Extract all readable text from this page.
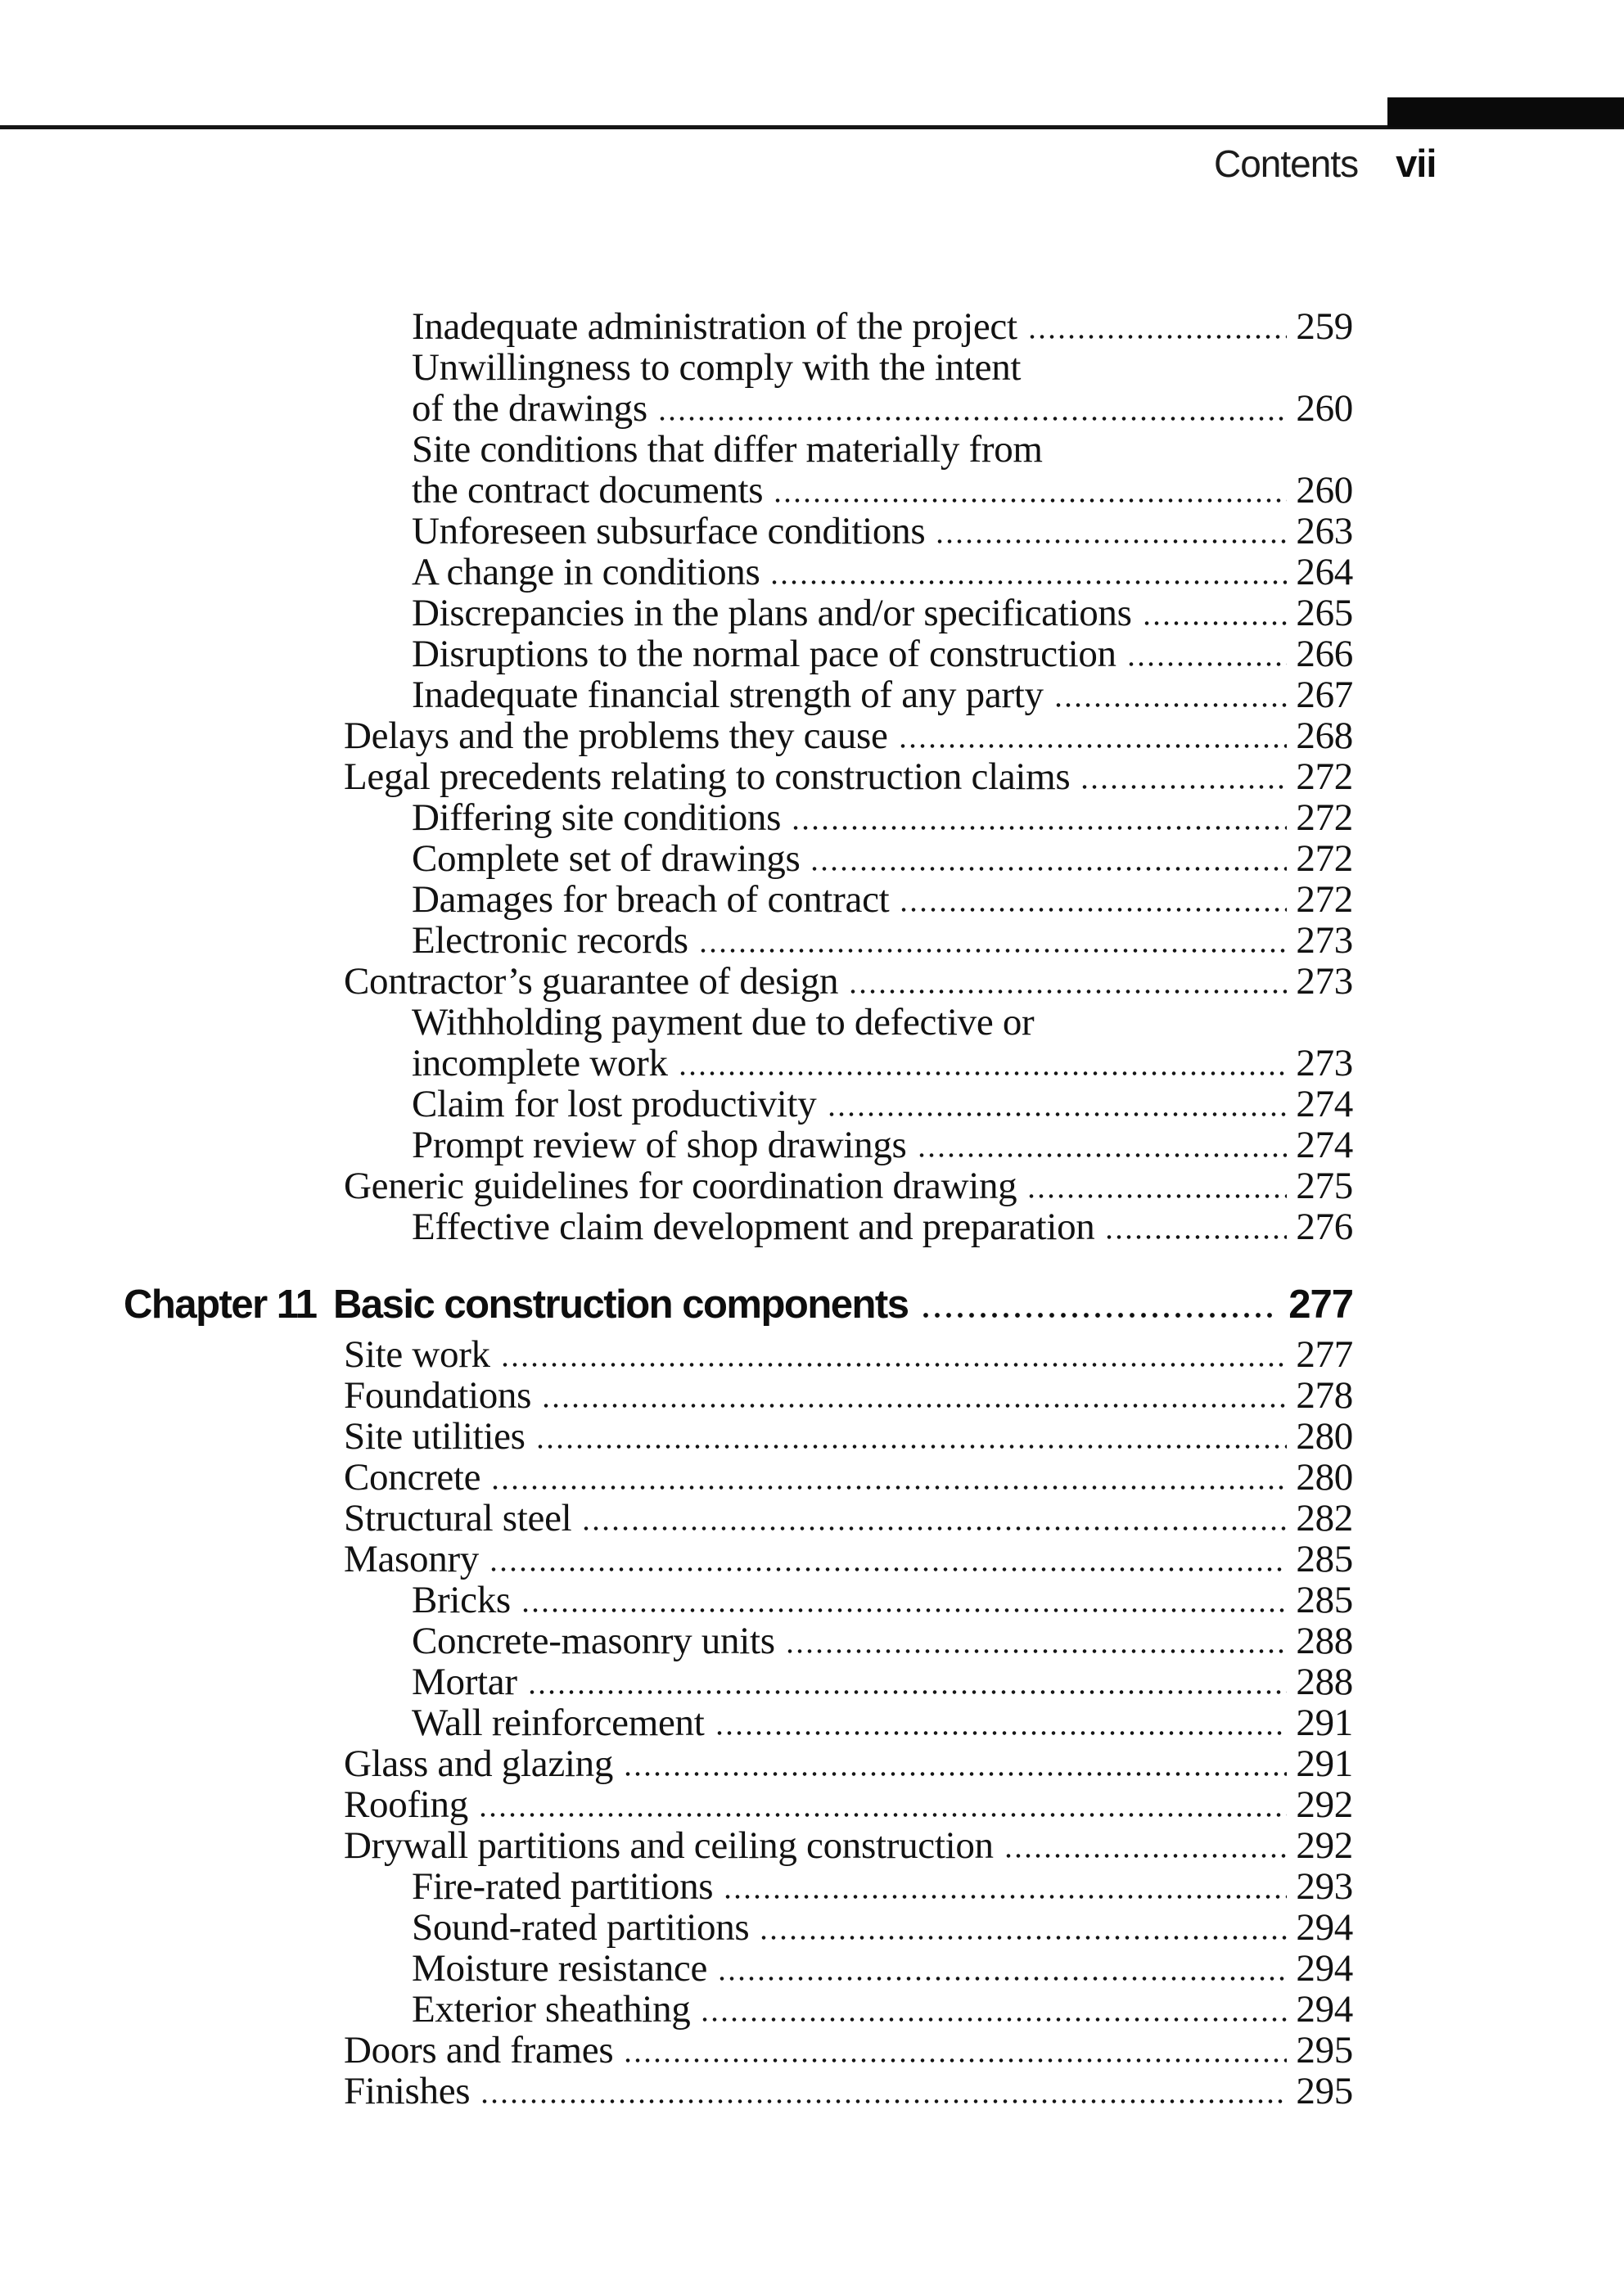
Contents vii
Inadequate administration of the project	259
Unwillingness to comply with the intent
of the drawings	260
Site conditions that differ materially from
the contract documents	260
Unforeseen subsurface conditions	263
A change in conditions	264
Discrepancies in the plans and/or specifications	265
Disruptions to the normal pace of construction	266
Inadequate financial strength of any party	267
Delays and the problems they cause	268
Legal precedents relating to construction claims	272
Differing site conditions	272
Complete set of drawings	272
Damages for breach of contract	272
Electronic records	273
Contractor’s guarantee of design	273
Withholding payment due to defective or
incomplete work	273
Claim for lost productivity	274
Prompt review of shop drawings	274
Generic guidelines for coordination drawing	275
Effective claim development and preparation	276
Chapter 11 Basic construction components	277
Site work	277
Foundations	278
Site utilities	280
Concrete	280
Structural steel	282
Masonry	285
Bricks	285
Concrete-masonry units	288
Mortar	288
Wall reinforcement	291
Glass and glazing	291
Roofing	292
Drywall partitions and ceiling construction	292
Fire-rated partitions	293
Sound-rated partitions	294
Moisture resistance	294
Exterior sheathing	294
Doors and frames	295
Finishes	295
